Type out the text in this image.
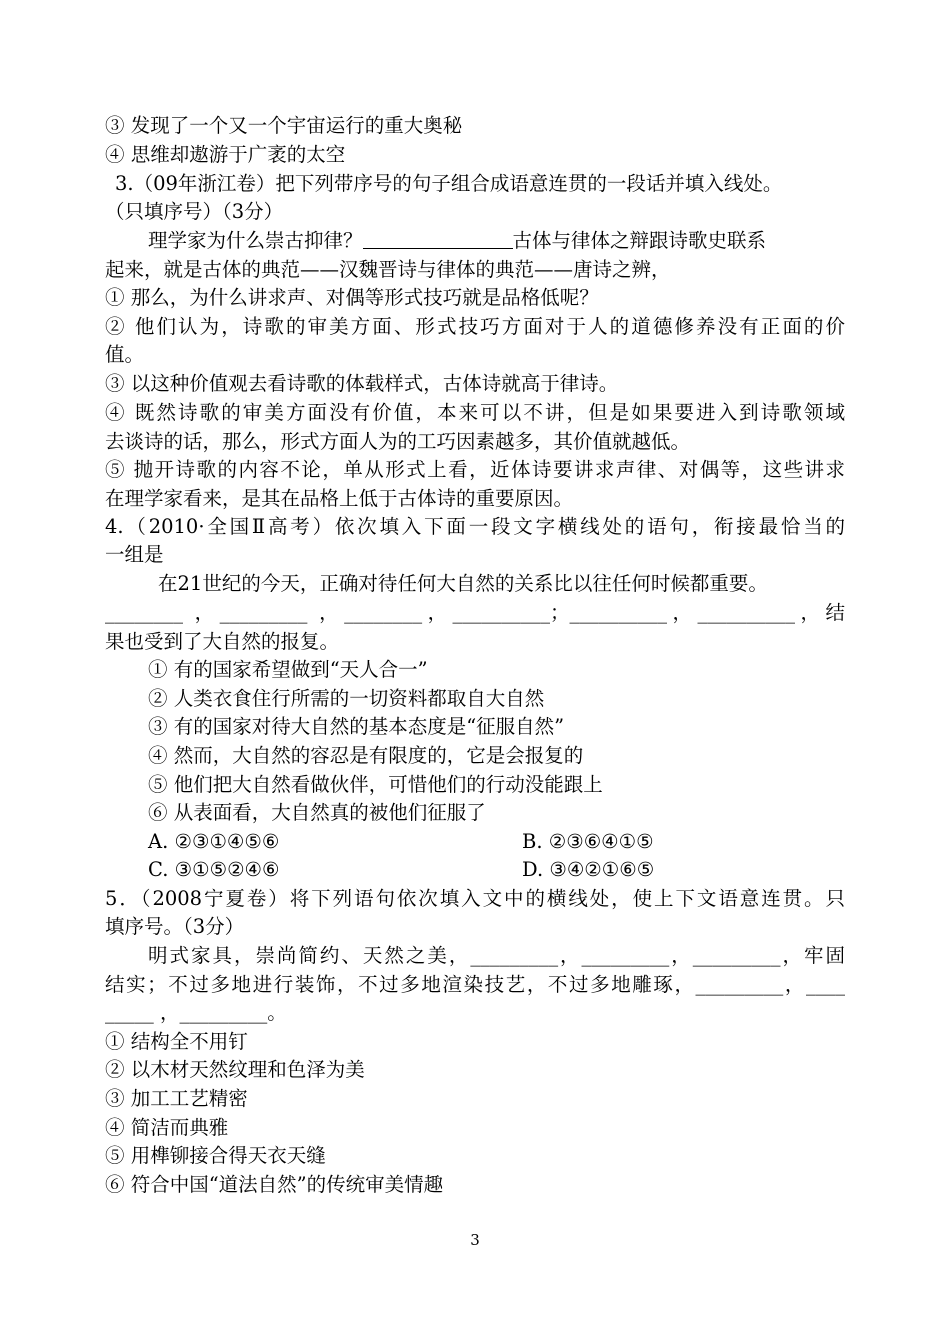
③ 发现了一个又一个宇宙运行的重大奥秘
④ 思维却遨游于广袤的太空
3.（09年浙江卷）把下列带序号的句子组合成语意连贯的一段话并填入线处。
（只填序号）（3分）
理学家为什么崇古抑律？	古体与律体之辩跟诗歌史联系
起来，就是古体的典范——汉魏晋诗与律体的典范——唐诗之辨，
① 那么，为什么讲求声、对偶等形式技巧就是品格低呢？
② 他们认为，诗歌的审美方面、形式技巧方面对于人的道德修养没有正面的价
值。
③ 以这种价值观去看诗歌的体载样式，古体诗就高于律诗。
④ 既然诗歌的审美方面没有价值，本来可以不讲，但是如果要进入到诗歌领域
去谈诗的话，那么，形式方面人为的工巧因素越多，其价值就越低。
⑤ 抛开诗歌的内容不论，单从形式上看，近体诗要讲求声律、对偶等，这些讲求
在理学家看来，是其在品格上低于古体诗的重要原因。
4.（2010·全国Ⅱ高考）依次填入下面一段文字横线处的语句，衔接最恰当的
一组是
在21世纪的今天，正确对待任何大自然的关系比以往任何时候都重要。
________ ，_________ ，________，__________；__________，__________，结
果也受到了大自然的报复。
① 有的国家希望做到“天人合一”
② 人类衣食住行所需的一切资料都取自大自然
③ 有的国家对待大自然的基本态度是“征服自然”
④ 然而，大自然的容忍是有限度的，它是会报复的
⑤ 他们把大自然看做伙伴，可惜他们的行动没能跟上
⑥ 从表面看，大自然真的被他们征服了
A. ②③①④⑤⑥	B. ②③⑥④①⑤
C. ③①⑤②④⑥	D. ③④②①⑥⑤
5．（2008宁夏卷）将下列语句依次填入文中的横线处，使上下文语意连贯。只
填序号。（3分）
明式家具，崇尚简约、天然之美，_________，_________，_________，牢固
结实；不过多地进行装饰，不过多地渲染技艺，不过多地雕琢，_________，____
_____ ，_________。
① 结构全不用钉
② 以木材天然纹理和色泽为美
③ 加工工艺精密
④ 简洁而典雅
⑤ 用榫铆接合得天衣天缝
⑥ 符合中国“道法自然”的传统审美情趣
3
